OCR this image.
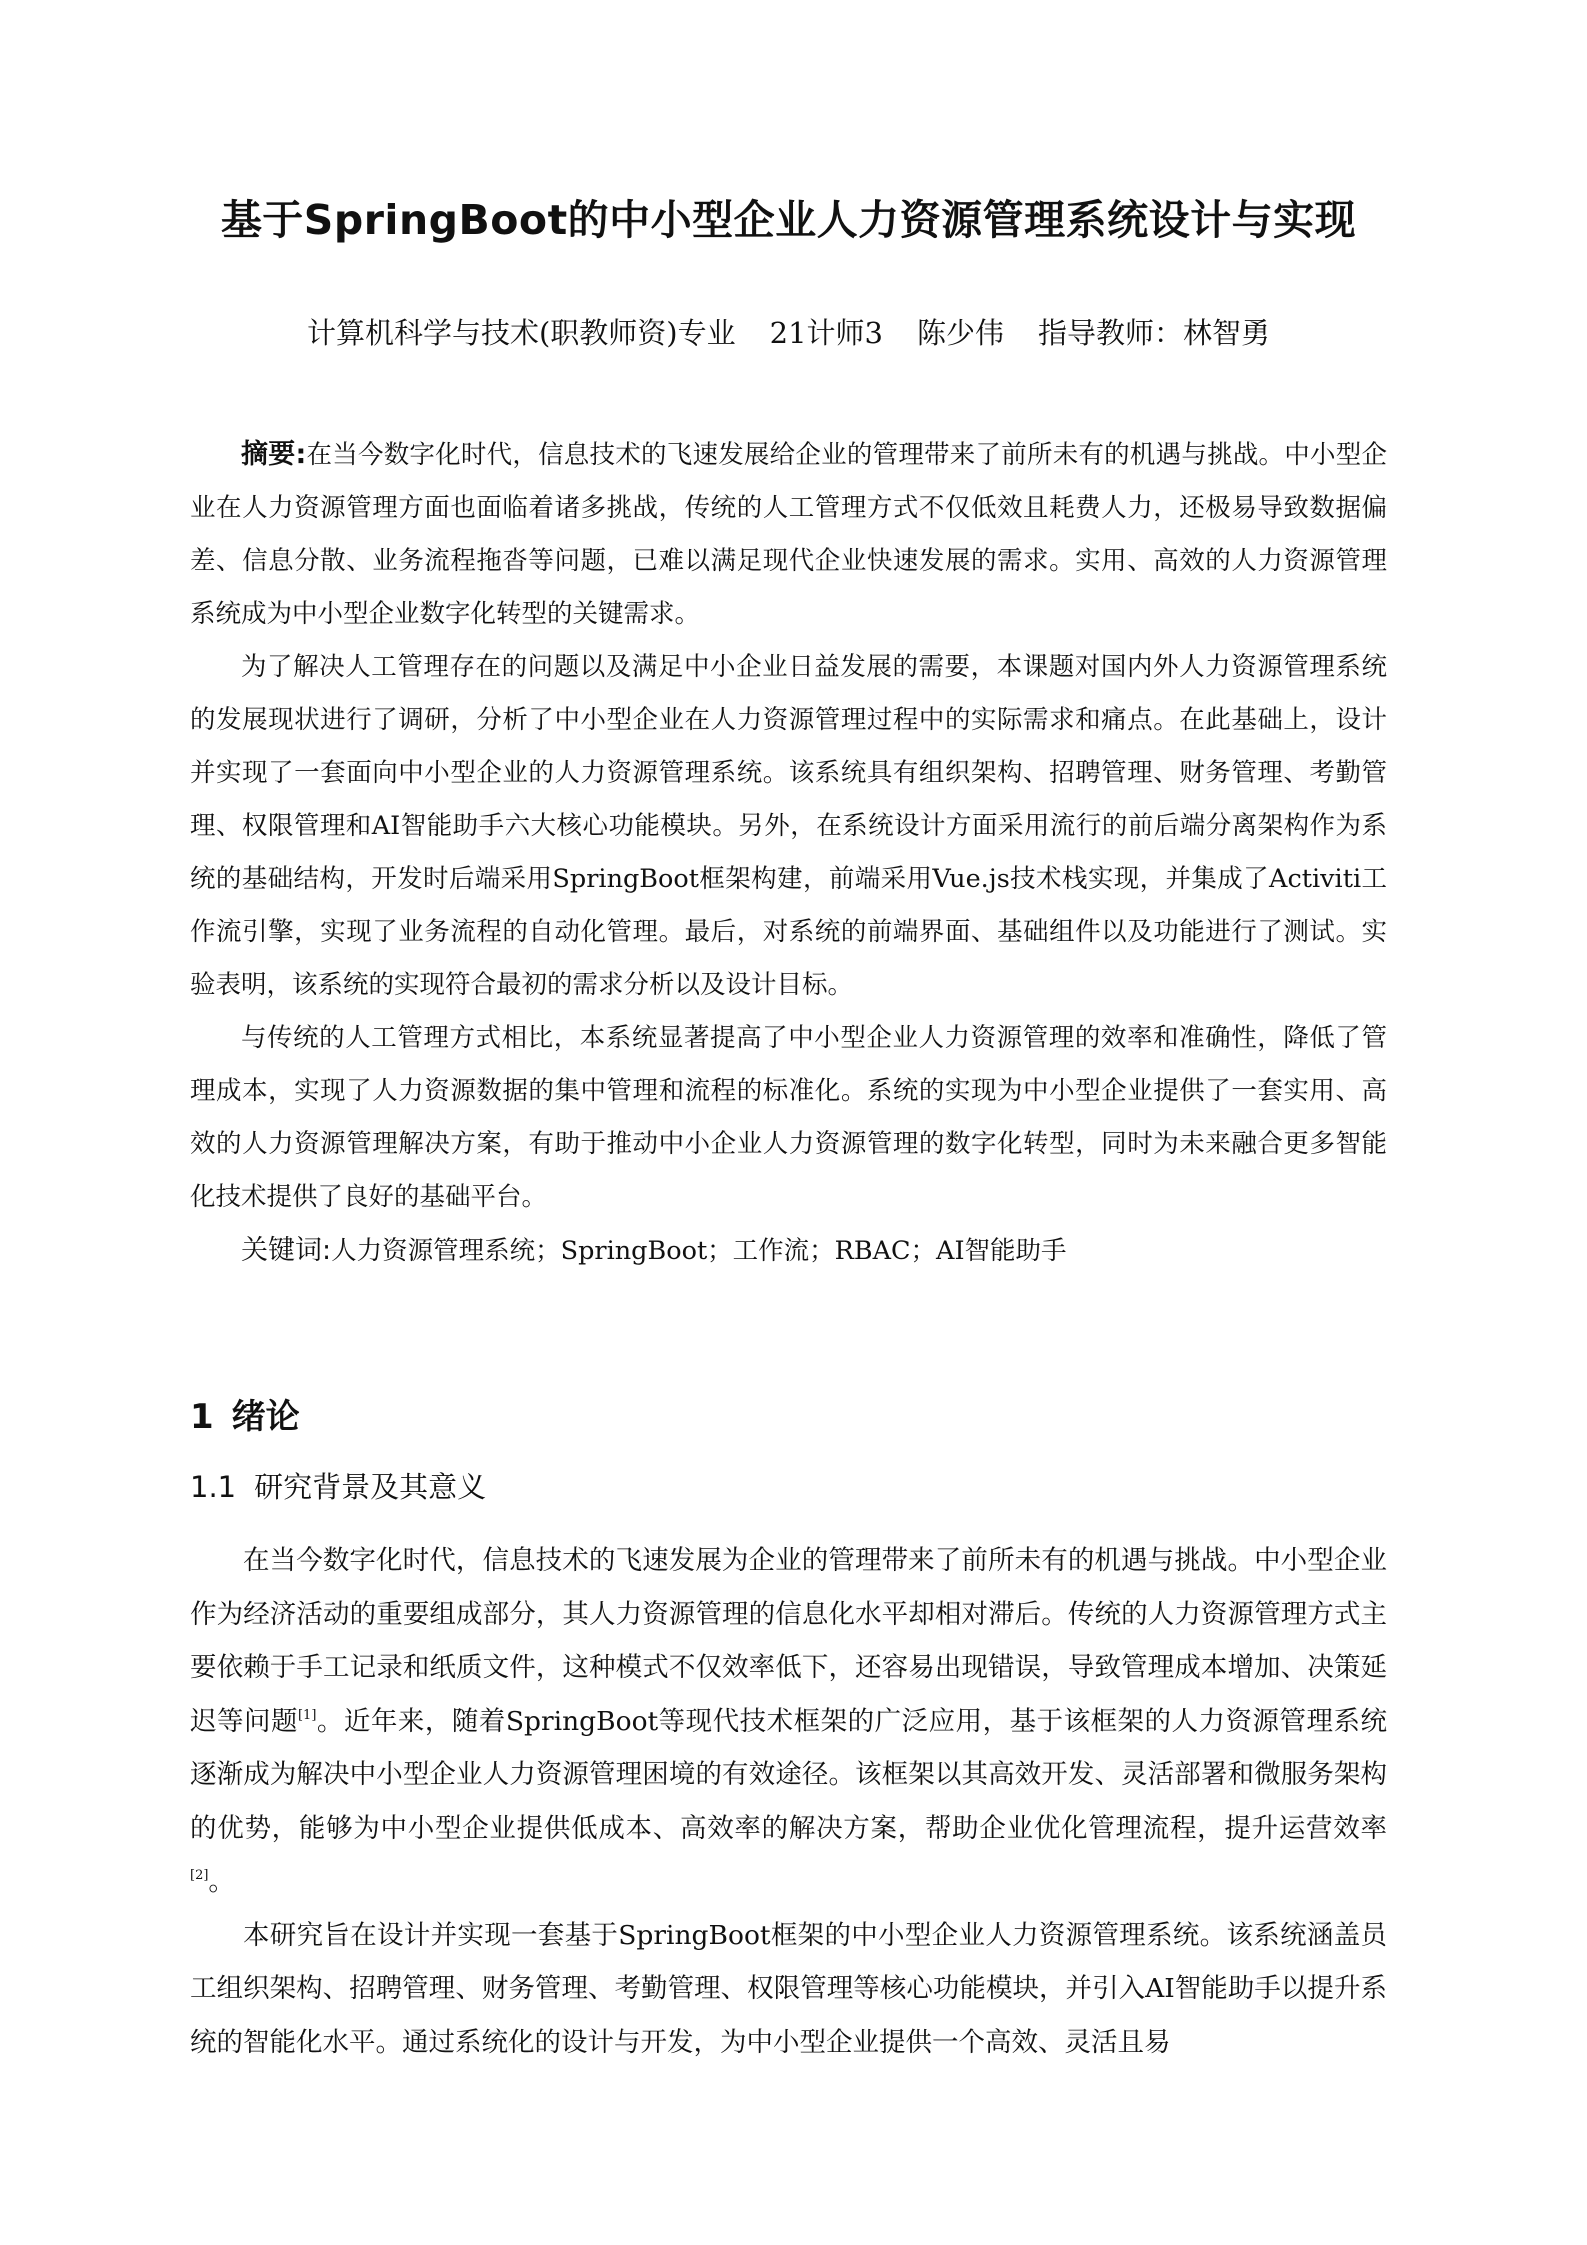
基于SpringBoot的中小型企业人力资源管理系统设计与实现
计算机科学与技术(职教师资)专业 21计师3 陈少伟 指导教师：林智勇

摘要:在当今数字化时代，信息技术的飞速发展给企业的管理带来了前所未有的机遇与挑战。中小型企业在人力资源管理方面也面临着诸多挑战，传统的人工管理方式不仅低效且耗费人力，还极易导致数据偏差、信息分散、业务流程拖沓等问题，已难以满足现代企业快速发展的需求。实用、高效的人力资源管理系统成为中小型企业数字化转型的关键需求。

为了解决人工管理存在的问题以及满足中小企业日益发展的需要，本课题对国内外人力资源管理系统的发展现状进行了调研，分析了中小型企业在人力资源管理过程中的实际需求和痛点。在此基础上，设计并实现了一套面向中小型企业的人力资源管理系统。该系统具有组织架构、招聘管理、财务管理、考勤管理、权限管理和AI智能助手六大核心功能模块。另外，在系统设计方面采用流行的前后端分离架构作为系统的基础结构，开发时后端采用SpringBoot框架构建，前端采用Vue.js技术栈实现，并集成了Activiti工作流引擎，实现了业务流程的自动化管理。最后，对系统的前端界面、基础组件以及功能进行了测试。实验表明，该系统的实现符合最初的需求分析以及设计目标。

与传统的人工管理方式相比，本系统显著提高了中小型企业人力资源管理的效率和准确性，降低了管理成本，实现了人力资源数据的集中管理和流程的标准化。系统的实现为中小型企业提供了一套实用、高效的人力资源管理解决方案，有助于推动中小企业人力资源管理的数字化转型，同时为未来融合更多智能化技术提供了良好的基础平台。

关键词:人力资源管理系统；SpringBoot；工作流；RBAC；AI智能助手

1 绪论
1.1 研究背景及其意义

在当今数字化时代，信息技术的飞速发展为企业的管理带来了前所未有的机遇与挑战。中小型企业作为经济活动的重要组成部分，其人力资源管理的信息化水平却相对滞后。传统的人力资源管理方式主要依赖于手工记录和纸质文件，这种模式不仅效率低下，还容易出现错误，导致管理成本增加、决策延迟等问题[1]。近年来，随着SpringBoot等现代技术框架的广泛应用，基于该框架的人力资源管理系统逐渐成为解决中小型企业人力资源管理困境的有效途径。该框架以其高效开发、灵活部署和微服务架构的优势，能够为中小型企业提供低成本、高效率的解决方案，帮助企业优化管理流程，提升运营效率[2]。

本研究旨在设计并实现一套基于SpringBoot框架的中小型企业人力资源管理系统。该系统涵盖员工组织架构、招聘管理、财务管理、考勤管理、权限管理等核心功能模块，并引入AI智能助手以提升系统的智能化水平。通过系统化的设计与开发，为中小型企业提供一个高效、灵活且易
